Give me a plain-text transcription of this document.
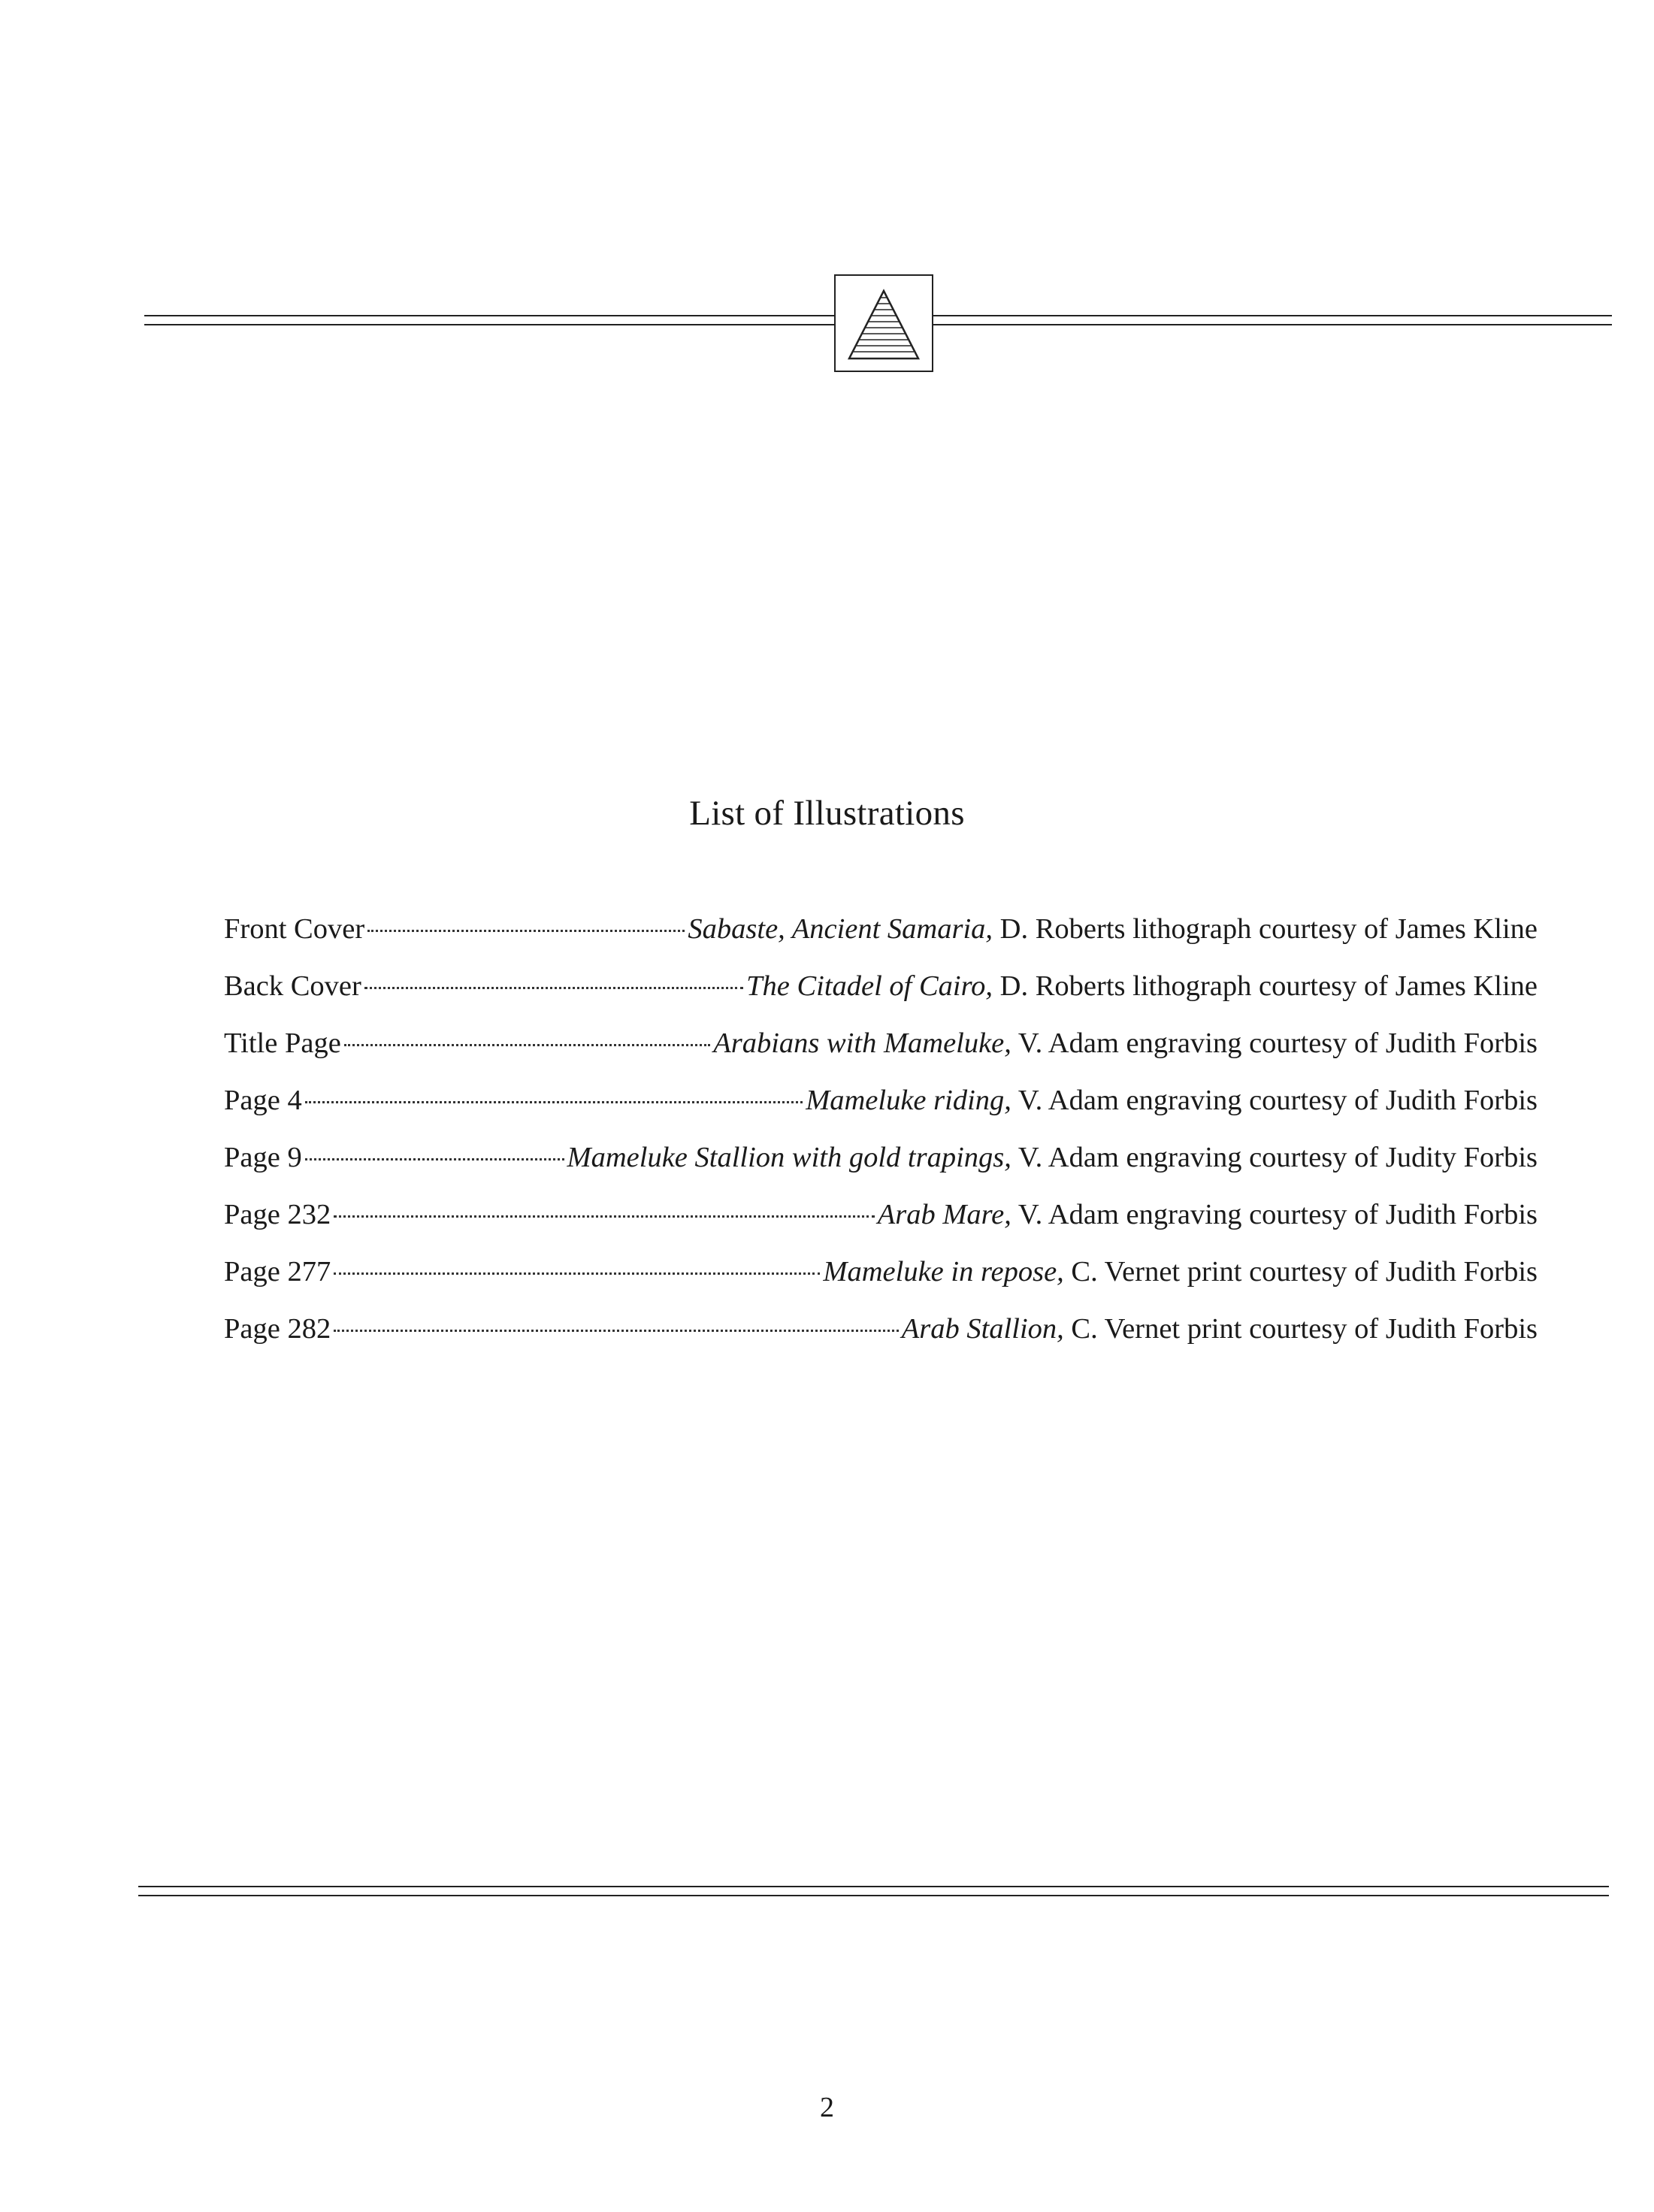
List of Illustrations
Front Cover	Sabaste, Ancient Samaria, D. Roberts lithograph courtesy of James Kline
Back Cover	The Citadel of Cairo, D. Roberts lithograph courtesy of James Kline
Title Page	Arabians with Mameluke, V. Adam engraving courtesy of Judith Forbis
Page 4	Mameluke riding, V. Adam engraving courtesy of Judith Forbis
Page 9	Mameluke Stallion with gold trapings, V. Adam engraving courtesy of Judity Forbis
Page 232	Arab Mare, V. Adam engraving courtesy of Judith Forbis
Page 277	Mameluke in repose, C. Vernet print courtesy of Judith Forbis
Page 282	Arab Stallion, C. Vernet print courtesy of Judith Forbis
2
